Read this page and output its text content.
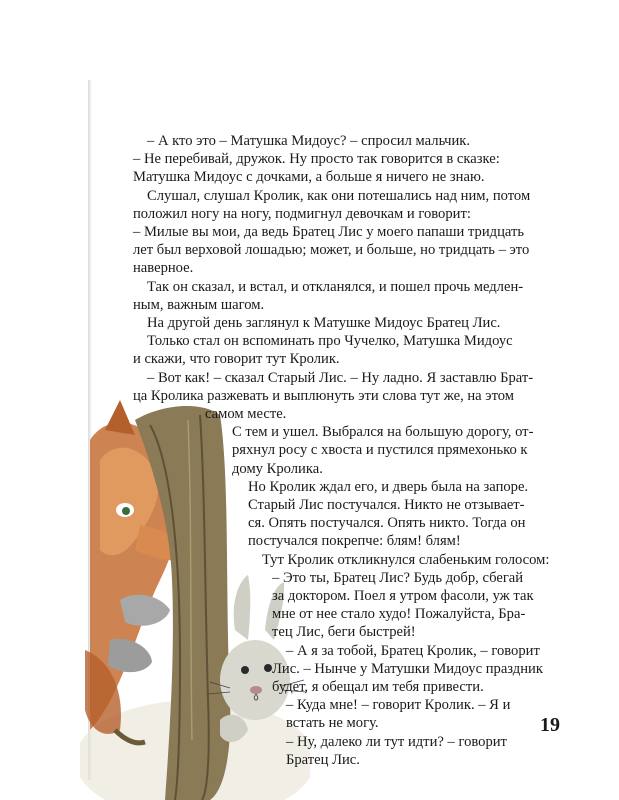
– А кто это – Матушка Мидоус? – спросил мальчик.
– Не перебивай, дружок. Ну просто так говорится в сказке:
Матушка Мидоус с дочками, а больше я ничего не знаю.
Слушал, слушал Кролик, как они потешались над ним, потом
положил ногу на ногу, подмигнул девочкам и говорит:
– Милые вы мои, да ведь Братец Лис у моего папаши тридцать
лет был верховой лошадью; может, и больше, но тридцать – это
наверное.
Так он сказал, и встал, и откланялся, и пошел прочь медлен-
ным, важным шагом.
На другой день заглянул к Матушке Мидоус Братец Лис.
Только стал он вспоминать про Чучелко, Матушка Мидоус
и скажи, что говорит тут Кролик.
– Вот как! – сказал Старый Лис. – Ну ладно. Я заставлю Брат-
ца Кролика разжевать и выплюнуть эти слова тут же, на этом
самом месте.
С тем и ушел. Выбрался на большую дорогу, от-
ряхнул росу с хвоста и пустился прямехонько к
дому Кролика.
Но Кролик ждал его, и дверь была на запоре.
Старый Лис постучался. Никто не отзывает-
ся. Опять постучался. Опять никто. Тогда он
постучался покрепче: блям! блям!
Тут Кролик откликнулся слабеньким голосом:
– Это ты, Братец Лис? Будь добр, сбегай
за доктором. Поел я утром фасоли, уж так
мне от нее стало худо! Пожалуйста, Бра-
тец Лис, беги быстрей!
– А я за тобой, Братец Кролик, – говорит
Лис. – Нынче у Матушки Мидоус праздник
будет, я обещал им тебя привести.
– Куда мне! – говорит Кролик. – Я и
встать не могу.
– Ну, далеко ли тут идти? – говорит
Братец Лис.
19
